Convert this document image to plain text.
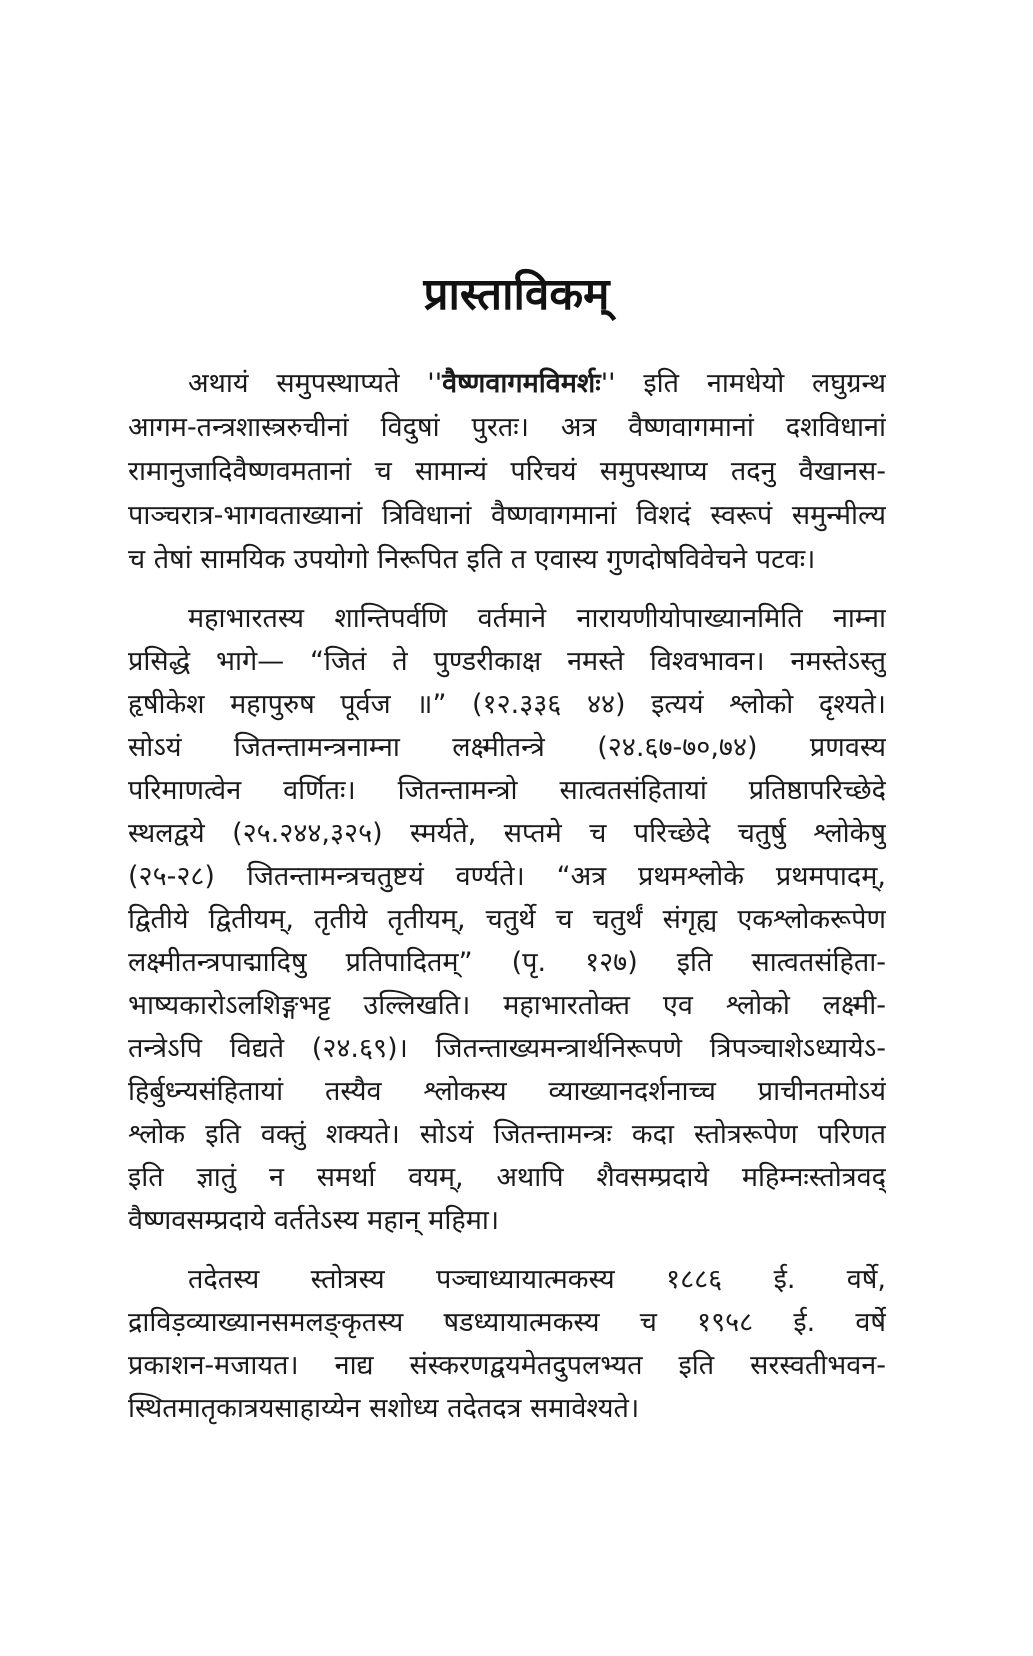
प्रास्ताविकम्
अथायं समुपस्थाप्यते ''वैष्णवागमविमर्शः'' इति नामधेयो लघुग्रन्थ
आगम-तन्त्रशास्त्ररुचीनां विदुषां पुरतः। अत्र वैष्णवागमानां दशविधानां
रामानुजादिवैष्णवमतानां च सामान्यं परिचयं समुपस्थाप्य तदनु वैखानस-
पाञ्चरात्र-भागवताख्यानां त्रिविधानां वैष्णवागमानां विशदं स्वरूपं समुन्मील्य
च तेषां सामयिक उपयोगो निरूपित इति त एवास्य गुणदोषविवेचने पटवः।
महाभारतस्य शान्तिपर्वणि वर्तमाने नारायणीयोपाख्यानमिति नाम्ना
प्रसिद्धे भागे— “जितं ते पुण्डरीकाक्ष नमस्ते विश्वभावन। नमस्तेऽस्तु
हृषीकेश महापुरुष पूर्वज ॥” (१२.३३६ ४४) इत्ययं श्लोको दृश्यते।
सोऽयं जितन्तामन्त्रनाम्ना लक्ष्मीतन्त्रे (२४.६७-७०,७४) प्रणवस्य
परिमाणत्वेन वर्णितः। जितन्तामन्त्रो सात्वतसंहितायां प्रतिष्ठापरिच्छेदे
स्थलद्वये (२५.२४४,३२५) स्मर्यते, सप्तमे च परिच्छेदे चतुर्षु श्लोकेषु
(२५-२८) जितन्तामन्त्रचतुष्टयं वर्ण्यते। “अत्र प्रथमश्लोके प्रथमपादम्,
द्वितीये द्वितीयम्, तृतीये तृतीयम्, चतुर्थे च चतुर्थं संगृह्य एकश्लोकरूपेण
लक्ष्मीतन्त्रपाद्मादिषु प्रतिपादितम्” (पृ. १२७) इति सात्वतसंहिता-
भाष्यकारोऽलशिङ्गभट्ट उल्लिखति। महाभारतोक्त एव श्लोको लक्ष्मी-
तन्त्रेऽपि विद्यते (२४.६९)। जितन्ताख्यमन्त्रार्थनिरूपणे त्रिपञ्चाशेऽध्यायेऽ-
हिर्बुध्न्यसंहितायां तस्यैव श्लोकस्य व्याख्यानदर्शनाच्च प्राचीनतमोऽयं
श्लोक इति वक्तुं शक्यते। सोऽयं जितन्तामन्त्रः कदा स्तोत्ररूपेण परिणत
इति ज्ञातुं न समर्था वयम्, अथापि शैवसम्प्रदाये महिम्नःस्तोत्रवद्
वैष्णवसम्प्रदाये वर्ततेऽस्य महान् महिमा।
तदेतस्य स्तोत्रस्य पञ्चाध्यायात्मकस्य १८८६ ई. वर्षे,
द्राविड़व्याख्यानसमलङ्कृतस्य षडध्यायात्मकस्य च १९५८ ई. वर्षे
प्रकाशन-मजायत। नाद्य संस्करणद्वयमेतदुपलभ्यत इति सरस्वतीभवन-
स्थितमातृकात्रयसाहाय्येन सशोध्य तदेतदत्र समावेश्यते।
